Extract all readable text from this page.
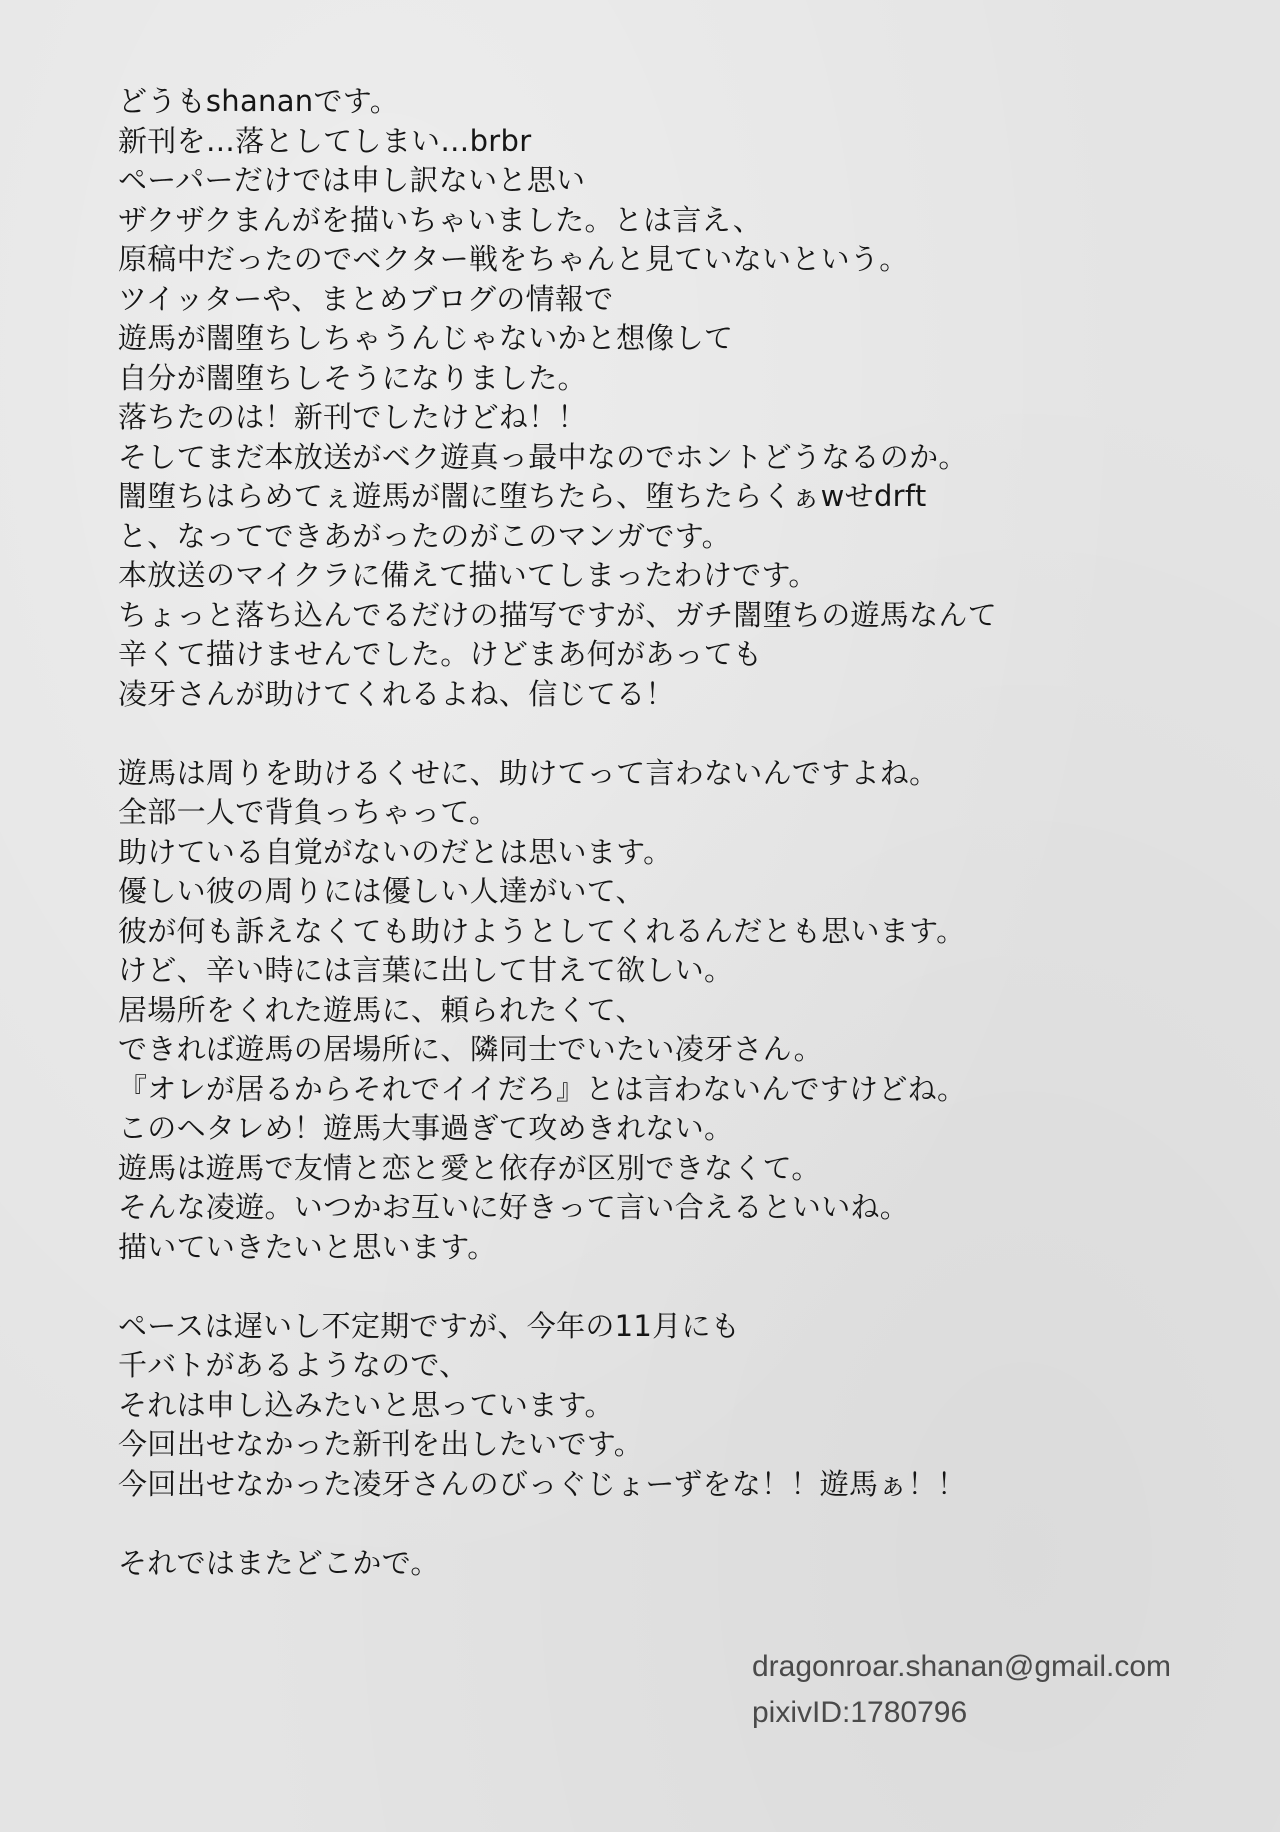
どうもshananです。
新刊を…落としてしまい…brbr
ペーパーだけでは申し訳ないと思い
ザクザクまんがを描いちゃいました。とは言え、
原稿中だったのでベクター戦をちゃんと見ていないという。
ツイッターや、まとめブログの情報で
遊馬が闇堕ちしちゃうんじゃないかと想像して
自分が闇堕ちしそうになりました。
落ちたのは！新刊でしたけどね！！
そしてまだ本放送がベク遊真っ最中なのでホントどうなるのか。
闇堕ちはらめてぇ遊馬が闇に堕ちたら、堕ちたらくぁwせdrft
と、なってできあがったのがこのマンガです。
本放送のマイクラに備えて描いてしまったわけです。
ちょっと落ち込んでるだけの描写ですが、ガチ闇堕ちの遊馬なんて
辛くて描けませんでした。けどまあ何があっても
凌牙さんが助けてくれるよね、信じてる！
遊馬は周りを助けるくせに、助けてって言わないんですよね。
全部一人で背負っちゃって。
助けている自覚がないのだとは思います。
優しい彼の周りには優しい人達がいて、
彼が何も訴えなくても助けようとしてくれるんだとも思います。
けど、辛い時には言葉に出して甘えて欲しい。
居場所をくれた遊馬に、頼られたくて、
できれば遊馬の居場所に、隣同士でいたい凌牙さん。
『オレが居るからそれでイイだろ』とは言わないんですけどね。
このヘタレめ！遊馬大事過ぎて攻めきれない。
遊馬は遊馬で友情と恋と愛と依存が区別できなくて。
そんな凌遊。いつかお互いに好きって言い合えるといいね。
描いていきたいと思います。
ペースは遅いし不定期ですが、今年の11月にも
千バトがあるようなので、
それは申し込みたいと思っています。
今回出せなかった新刊を出したいです。
今回出せなかった凌牙さんのびっぐじょーずをな！！遊馬ぁ！！
それではまたどこかで。
dragonroar.shanan@gmail.com
pixivID:1780796
